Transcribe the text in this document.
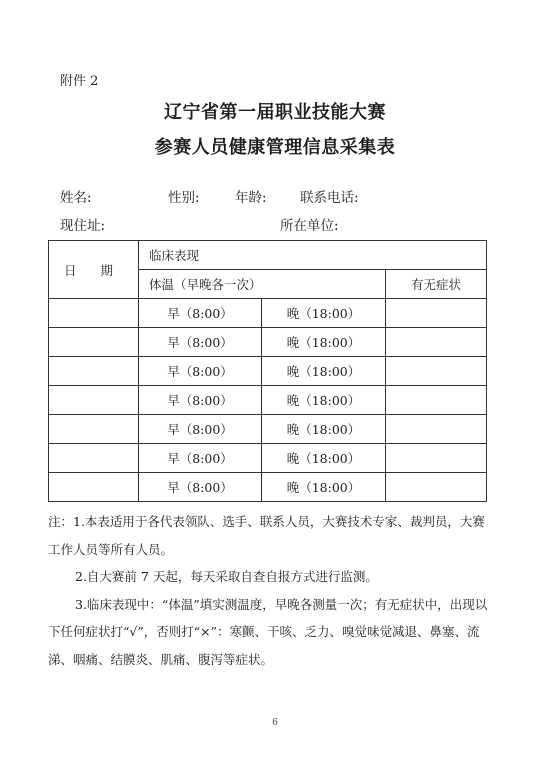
附件 2
辽宁省第一届职业技能大赛
参赛人员健康管理信息采集表
姓名:	性别:	年龄: 联系电话:
现住址:	所在单位:
日 期	临床表现		
	体温（早晚各一次）		有无症状
	早（8:00）	晚（18:00）	
	早（8:00）	晚（18:00）	
	早（8:00）	晚（18:00）	
	早（8:00）	晚（18:00）	
	早（8:00）	晚（18:00）	
	早（8:00）	晚（18:00）	
	早（8:00）	晚（18:00）	

注：1.本表适用于各代表领队、选手、联系人员，大赛技术专家、裁判员，大赛工作人员等所有人员。

2.自大赛前 7 天起，每天采取自查自报方式进行监测。

3.临床表现中：“体温”填实测温度，早晚各测量一次；有无症状中，出现以下任何症状打“√”，否则打“×”：寒颤、干咳、乏力、嗅觉味觉减退、鼻塞、流涕、咽痛、结膜炎、肌痛、腹泻等症状。

6
